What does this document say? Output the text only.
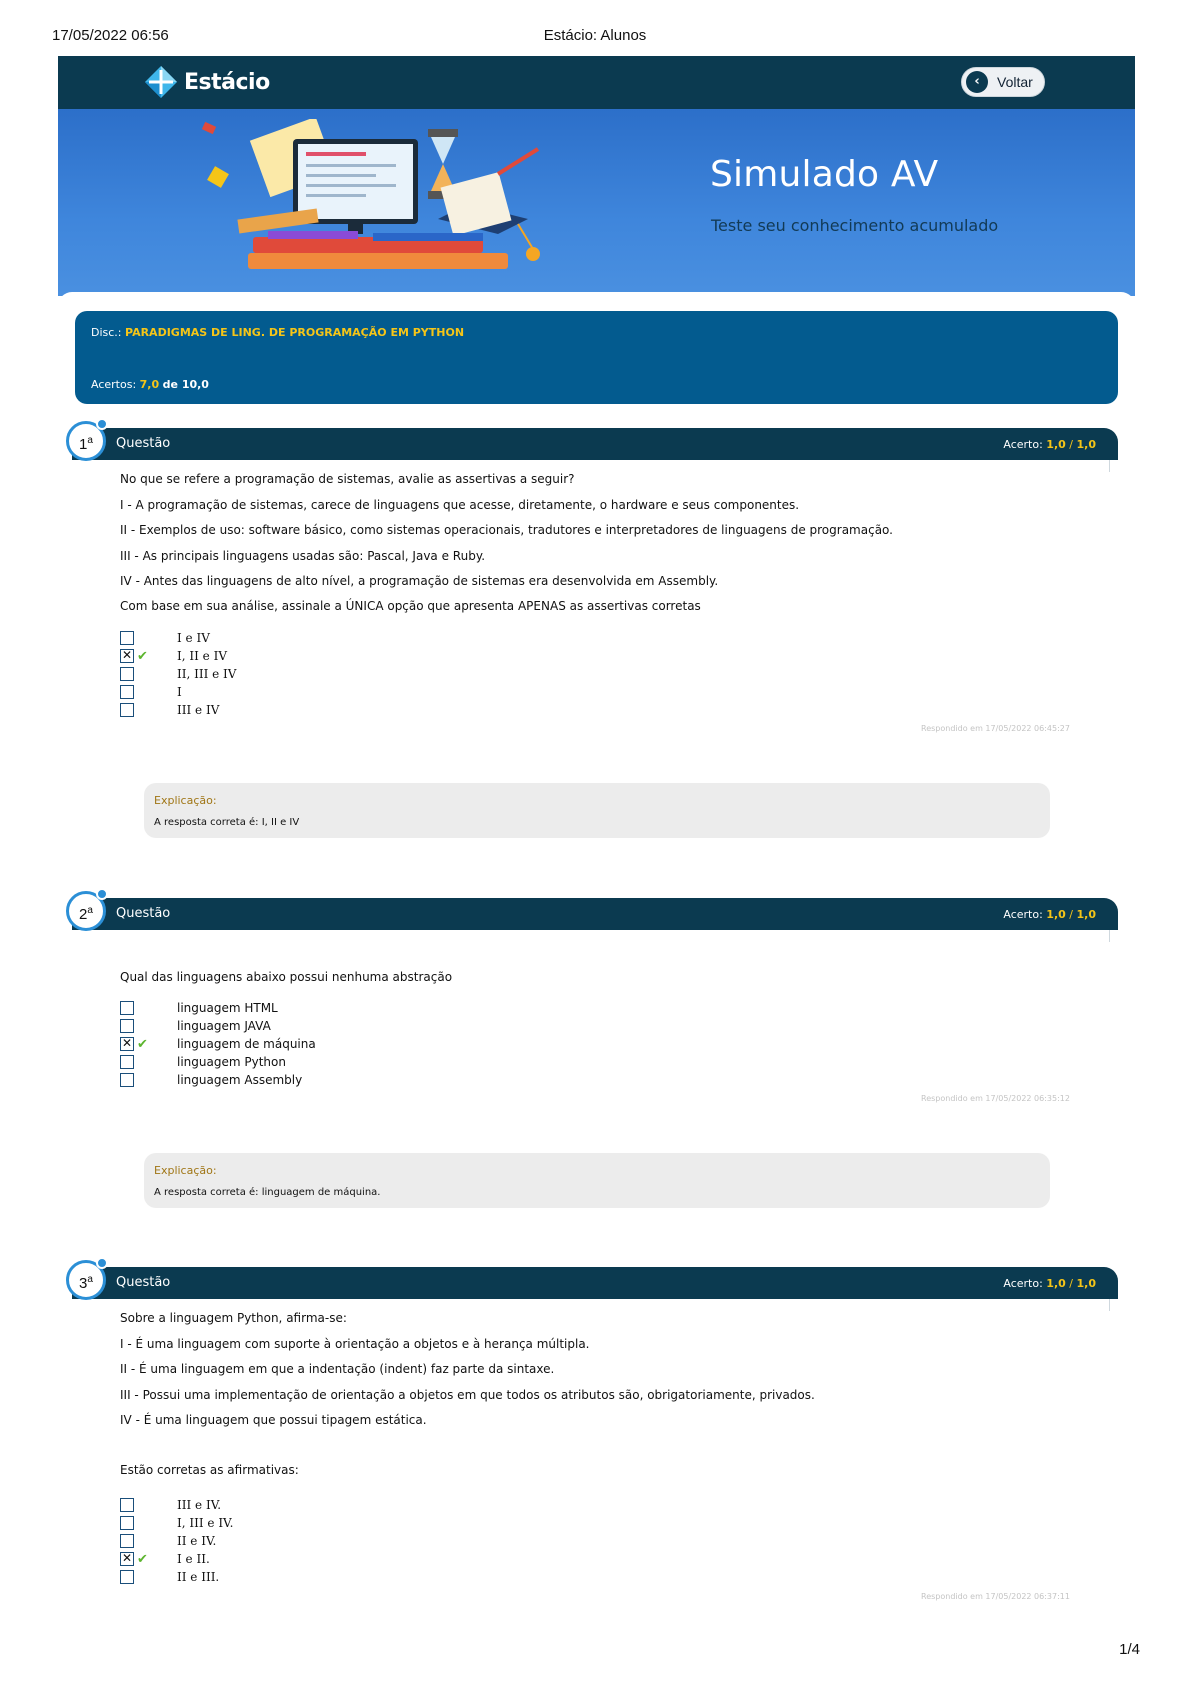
17/05/2022 06:56	Estácio: Alunos
Estácio	‹	Voltar
Simulado AV
Teste seu conhecimento acumulado
Disc.: PARADIGMAS DE LING. DE PROGRAMAÇÃO EM PYTHON
Acertos: 7,0 de 10,0
1$^a$	Questão	Acerto: 1,0 / 1,0
No que se refere a programação de sistemas, avalie as assertivas a seguir?
I - A programação de sistemas, carece de linguagens que acesse, diretamente, o hardware e seus componentes.
II - Exemplos de uso: software básico, como sistemas operacionais, tradutores e interpretadores de linguagens de programação.
III - As principais linguagens usadas são: Pascal, Java e Ruby.
IV - Antes das linguagens de alto nível, a programação de sistemas era desenvolvida em Assembly.
Com base em sua análise, assinale a ÚNICA opção que apresenta APENAS as assertivas corretas
I e IV
✕
✔	I, II e IV
II, III e IV
I
III e IV
Respondido em 17/05/2022 06:45:27
Explicação:
A resposta correta é: I, II e IV
2$^a$	Questão	Acerto: 1,0 / 1,0
Qual das linguagens abaixo possui nenhuma abstração
linguagem HTML
linguagem JAVA
✕
✔	linguagem de máquina
linguagem Python
linguagem Assembly
Respondido em 17/05/2022 06:35:12
Explicação:
A resposta correta é: linguagem de máquina.
3$^a$	Questão	Acerto: 1,0 / 1,0
Sobre a linguagem Python, afirma-se:
I - É uma linguagem com suporte à orientação a objetos e à herança múltipla.
II - É uma linguagem em que a indentação (indent) faz parte da sintaxe.
III - Possui uma implementação de orientação a objetos em que todos os atributos são, obrigatoriamente, privados.
IV - É uma linguagem que possui tipagem estática.
Estão corretas as afirmativas:
III e IV.
I, III e IV.
II e IV.
✕
✔	I e II.
II e III.
Respondido em 17/05/2022 06:37:11
1/4
